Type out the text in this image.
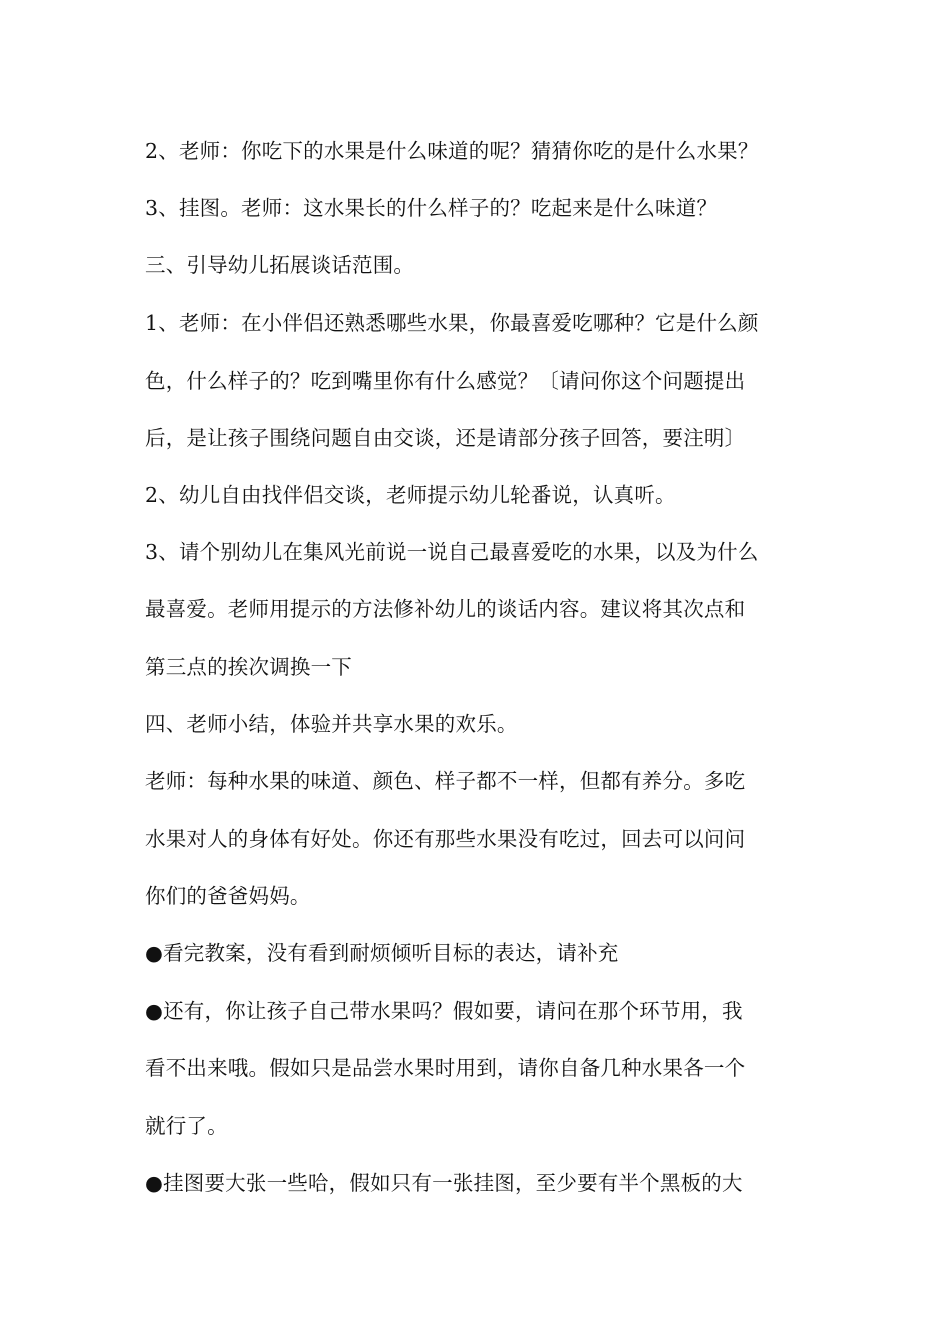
2、老师：你吃下的水果是什么味道的呢？猜猜你吃的是什么水果？
3、挂图。老师：这水果长的什么样子的？吃起来是什么味道？
三、引导幼儿拓展谈话范围。
1、老师：在小伴侣还熟悉哪些水果，你最喜爱吃哪种？它是什么颜
色，什么样子的？吃到嘴里你有什么感觉？〔请问你这个问题提出
后，是让孩子围绕问题自由交谈，还是请部分孩子回答，要注明〕
2、幼儿自由找伴侣交谈，老师提示幼儿轮番说，认真听。
3、请个别幼儿在集风光前说一说自己最喜爱吃的水果，以及为什么
最喜爱。老师用提示的方法修补幼儿的谈话内容。建议将其次点和
第三点的挨次调换一下
四、老师小结，体验并共享水果的欢乐。
老师：每种水果的味道、颜色、样子都不一样，但都有养分。多吃
水果对人的身体有好处。你还有那些水果没有吃过，回去可以问问
你们的爸爸妈妈。
●看完教案，没有看到耐烦倾听目标的表达，请补充
●还有，你让孩子自己带水果吗？假如要，请问在那个环节用，我
看不出来哦。假如只是品尝水果时用到，请你自备几种水果各一个
就行了。
●挂图要大张一些哈，假如只有一张挂图，至少要有半个黑板的大
